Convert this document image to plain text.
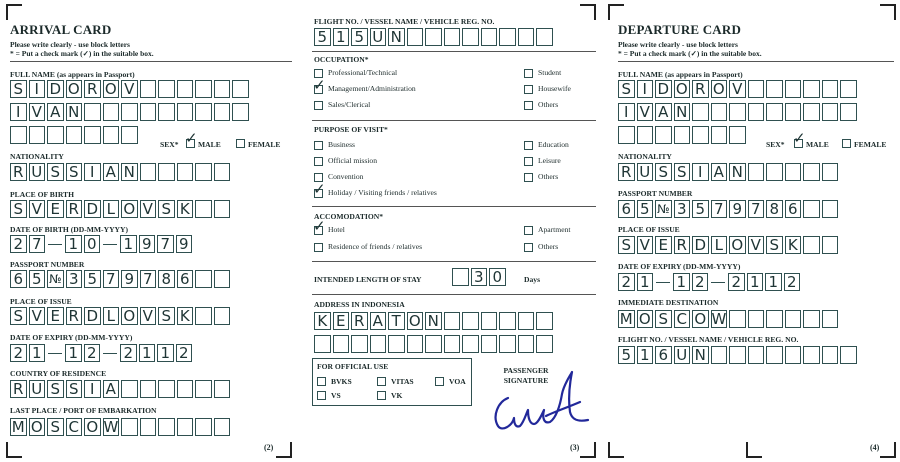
ARRIVAL CARD
Please write clearly - use block letters
* = Put a check mark (✓) in the suitable box.
FULL NAME (as appears in Passport)
S I D O R O V
I V A N
SEX* ✓ MALE	FEMALE
NATIONALITY
R U S S I A N
PLACE OF BIRTH
S V E R D L O V S K
DATE OF BIRTH (DD-MM-YYYY)
2 7 1 0 1 9 7 9
PASSPORT NUMBER
6 5 № 3 5 7 9 7 8 6
PLACE OF ISSUE
S V E R D L O V S K
DATE OF EXPIRY (DD-MM-YYYY)
2 1 1 2 2 1 1 2
COUNTRY OF RESIDENCE
R U S S I A
LAST PLACE / PORT OF EMBARKATION
M O S C O W
(2)
FLIGHT NO. / VESSEL NAME / VEHICLE REG. NO.
5 1 5 U N
OCCUPATION*
Professional/Technical
✓ Management/Administration
Sales/Clerical
Student
Housewife
Others
PURPOSE OF VISIT*
Business
Official mission
Convention
✓ Holiday / Visiting friends / relatives
Education
Leisure
Others
ACCOMODATION*
✓ Hotel
Residence of friends / relatives
Apartment
Others
INTENDED LENGTH OF STAY	3 0	Days
ADDRESS IN INDONESIA
K E R A T O N
FOR OFFICIAL USE
BVKS	VITAS	VOA
VS	VK
PASSENGER
SIGNATURE
(3)
DEPARTURE CARD
Please write clearly - use block letters
* = Put a check mark (✓) in the suitable box.
FULL NAME (as appears in Passport)
S I D O R O V
I V A N
SEX* ✓ MALE	FEMALE
NATIONALITY
R U S S I A N
PASSPORT NUMBER
6 5 № 3 5 7 9 7 8 6
PLACE OF ISSUE
S V E R D L O V S K
DATE OF EXPIRY (DD-MM-YYYY)
2 1 1 2 2 1 1 2
IMMEDIATE DESTINATION
M O S C O W
FLIGHT NO. / VESSEL NAME / VEHICLE REG. NO.
5 1 6 U N
(4)
